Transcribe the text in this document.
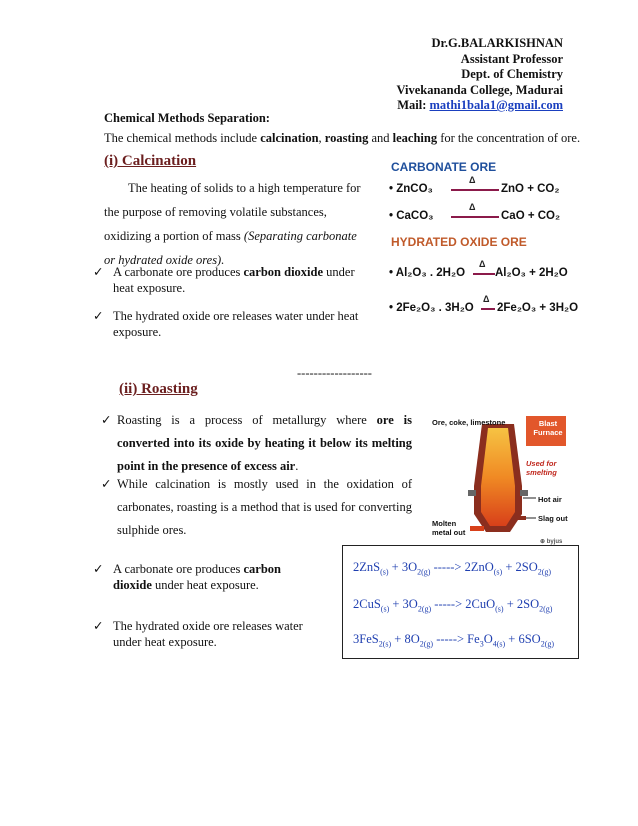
Dr.G.BALARKISHNAN
Assistant Professor
Dept. of Chemistry
Vivekananda College, Madurai
Mail: mathi1bala1@gmail.com
Chemical Methods Separation:
The chemical methods include calcination, roasting and leaching for the concentration of ore.
(i) Calcination
The heating of solids to a high temperature for the purpose of removing volatile substances, oxidizing a portion of mass (Separating carbonate or hydrated oxide ores).
✓ A carbonate ore produces carbon dioxide under heat exposure.
✓ The hydrated oxide ore releases water under heat exposure.
CARBONATE ORE
• ZnCO₃
Δ
ZnO + CO₂
• CaCO₃
Δ
CaO + CO₂
HYDRATED OXIDE ORE
• Al₂O₃ . 2H₂O
Δ
Al₂O₃ + 2H₂O
• 2Fe₂O₃ . 3H₂O
Δ
2Fe₂O₃ + 3H₂O
------------------
(ii) Roasting
✓ Roasting is a process of metallurgy where ore is converted into its oxide by heating it below its melting point in the presence of excess air.
✓ While calcination is mostly used in the oxidation of carbonates, roasting is a method that is used for converting sulphide ores.
Ore, coke, limestone	Blast Furnace
Used for smelting
Hot air
Slag out
Molten metal out
⊕ byjus
✓ A carbonate ore produces carbon dioxide under heat exposure.
✓ The hydrated oxide ore releases water under heat exposure.
$2ZnS_{(s)} + 3O_{2(g)}$ -----> $2ZnO_{(s)} + 2SO_{2(g)}$
$2CuS_{(s)} + 3O_{2(g)}$ -----> $2CuO_{(s)} + 2SO_{2(g)}$
$3FeS_{2(s)} + 8O_{2(g)}$ -----> $Fe_3O_{4(s)} + 6SO_{2(g)}$
